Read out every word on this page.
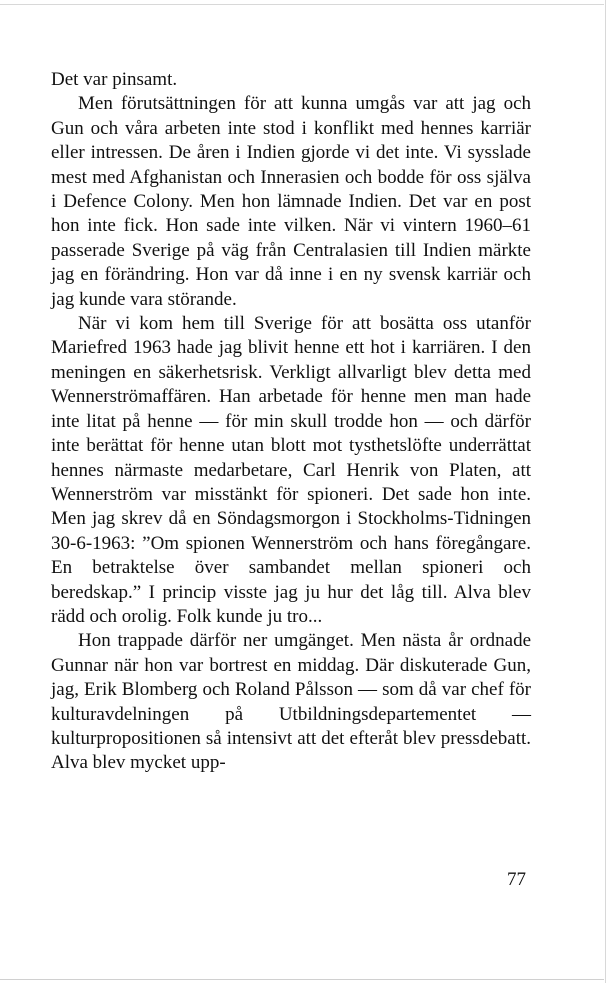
Det var pinsamt.

Men förutsättningen för att kunna umgås var att jag och Gun och våra arbeten inte stod i konflikt med hennes karriär eller intressen. De åren i Indien gjorde vi det inte. Vi sysslade mest med Afghanistan och Innerasien och bodde för oss själva i Defence Colony. Men hon lämnade Indien. Det var en post hon inte fick. Hon sade inte vilken. När vi vintern 1960–61 passerade Sverige på väg från Centralasien till Indien märkte jag en förändring. Hon var då inne i en ny svensk karriär och jag kunde vara störande.

När vi kom hem till Sverige för att bosätta oss utanför Mariefred 1963 hade jag blivit henne ett hot i karriären. I den meningen en säkerhetsrisk. Verkligt allvarligt blev detta med Wennerströmaffären. Han arbetade för henne men man hade inte litat på henne — för min skull trodde hon — och därför inte berättat för henne utan blott mot tysthetslöfte underrättat hennes närmaste medarbetare, Carl Henrik von Platen, att Wennerström var misstänkt för spioneri. Det sade hon inte. Men jag skrev då en Söndagsmorgon i Stockholms-Tidningen 30-6-1963: ”Om spionen Wennerström och hans föregångare. En betraktelse över sambandet mellan spioneri och beredskap.” I princip visste jag ju hur det låg till. Alva blev rädd och orolig. Folk kunde ju tro...

Hon trappade därför ner umgänget. Men nästa år ordnade Gunnar när hon var bortrest en middag. Där diskuterade Gun, jag, Erik Blomberg och Roland Pålsson — som då var chef för kulturavdelningen på Utbildningsdepartementet — kulturpropositionen så intensivt att det efteråt blev pressdebatt. Alva blev mycket upp-

77
